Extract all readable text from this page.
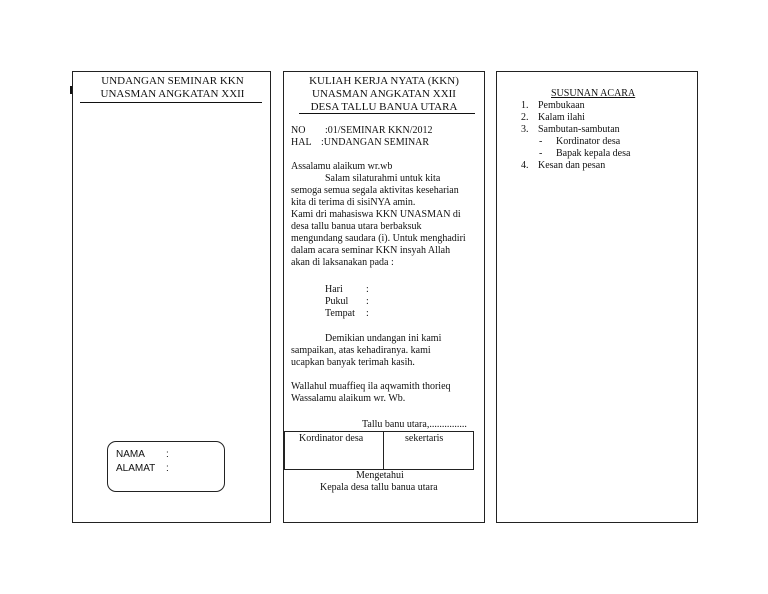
UNDANGAN SEMINAR KKN
UNASMAN ANGKATAN XXII
NAMA :
ALAMAT :
KULIAH KERJA NYATA (KKN)
UNASMAN ANGKATAN XXII
DESA TALLU BANUA UTARA
NO :01/SEMINAR KKN/2012
HAL :UNDANGAN SEMINAR
Assalamu alaikum wr.wb
Salam silaturahmi untuk kita
semoga semua segala aktivitas keseharian
kita di terima di sisiNYA amin.
Kami dri mahasiswa KKN UNASMAN di
desa tallu banua utara berbaksuk
mengundang saudara (i). Untuk menghadiri
dalam acara seminar KKN insyah Allah
akan di laksanakan pada :
Hari :
Pukul :
Tempat :
Demikian undangan ini kami
sampaikan, atas kehadiranya. kami
ucapkan banyak terimah kasih.
Wallahul muaffieq ila aqwamith thorieq
Wassalamu alaikum wr. Wb.
Tallu banu utara,...............
Kordinator desa	sekertaris
Mengetahui
Kepala desa tallu banua utara
SUSUNAN ACARA
1. Pembukaan
2. Kalam ilahi
3. Sambutan-sambutan
- Kordinator desa
- Bapak kepala desa
4. Kesan dan pesan
